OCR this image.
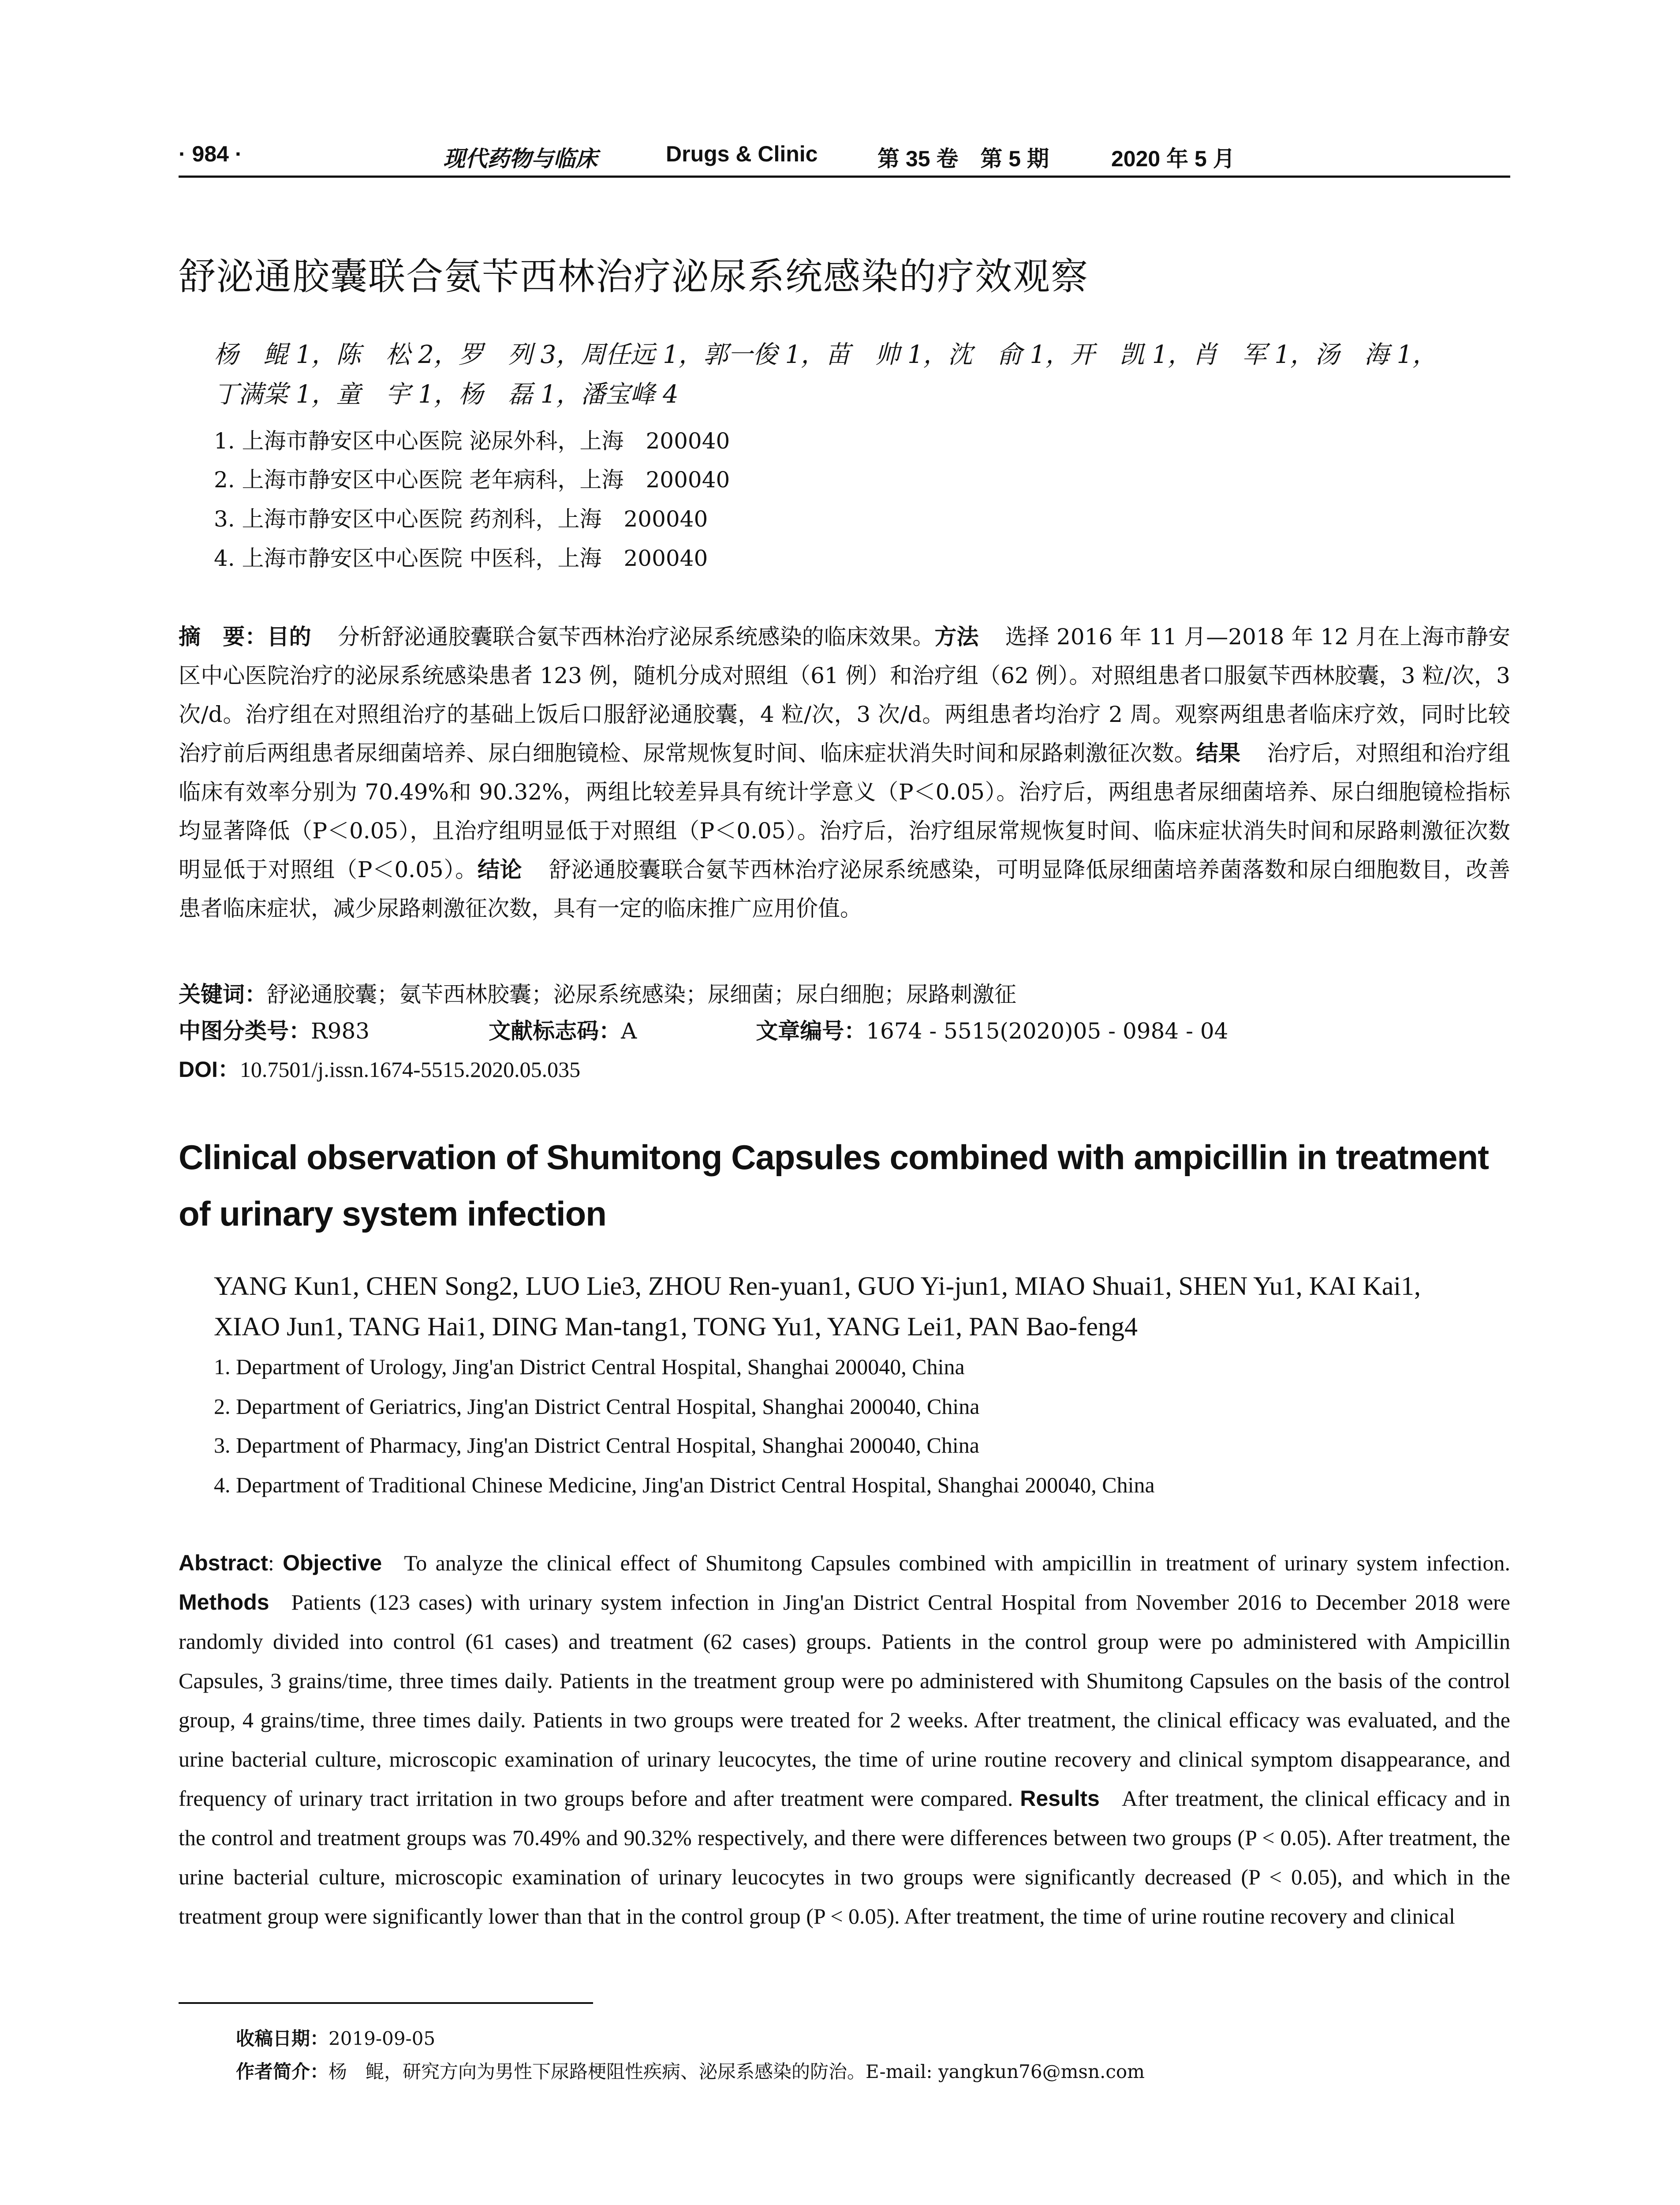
· 984 ·	现代药物与临床	Drugs & Clinic	第 35 卷　第 5 期	2020 年 5 月
舒泌通胶囊联合氨苄西林治疗泌尿系统感染的疗效观察
杨　鲲 1，陈　松 2，罗　列 3，周任远 1，郭一俊 1，苗　帅 1，沈　俞 1，开　凯 1，肖　军 1，汤　海 1，
丁满棠 1，童　宇 1，杨　磊 1，潘宝峰 4
1. 上海市静安区中心医院 泌尿外科，上海　200040
2. 上海市静安区中心医院 老年病科，上海　200040
3. 上海市静安区中心医院 药剂科，上海　200040
4. 上海市静安区中心医院 中医科，上海　200040
摘　要：目的 分析舒泌通胶囊联合氨苄西林治疗泌尿系统感染的临床效果。方法 选择 2016 年 11 月—2018 年 12 月在上海市静安区中心医院治疗的泌尿系统感染患者 123 例，随机分成对照组（61 例）和治疗组（62 例）。对照组患者口服氨苄西林胶囊，3 粒/次，3 次/d。治疗组在对照组治疗的基础上饭后口服舒泌通胶囊，4 粒/次，3 次/d。两组患者均治疗 2 周。观察两组患者临床疗效，同时比较治疗前后两组患者尿细菌培养、尿白细胞镜检、尿常规恢复时间、临床症状消失时间和尿路刺激征次数。结果 治疗后，对照组和治疗组临床有效率分别为 70.49%和 90.32%，两组比较差异具有统计学意义（P＜0.05）。治疗后，两组患者尿细菌培养、尿白细胞镜检指标均显著降低（P＜0.05），且治疗组明显低于对照组（P＜0.05）。治疗后，治疗组尿常规恢复时间、临床症状消失时间和尿路刺激征次数明显低于对照组（P＜0.05）。结论 舒泌通胶囊联合氨苄西林治疗泌尿系统感染，可明显降低尿细菌培养菌落数和尿白细胞数目，改善患者临床症状，减少尿路刺激征次数，具有一定的临床推广应用价值。
关键词：舒泌通胶囊；氨苄西林胶囊；泌尿系统感染；尿细菌；尿白细胞；尿路刺激征
中图分类号：R983	文献标志码：A	文章编号：1674 - 5515(2020)05 - 0984 - 04
DOI：10.7501/j.issn.1674-5515.2020.05.035
Clinical observation of Shumitong Capsules combined with ampicillin in treatment of urinary system infection
YANG Kun1, CHEN Song2, LUO Lie3, ZHOU Ren-yuan1, GUO Yi-jun1, MIAO Shuai1, SHEN Yu1, KAI Kai1,
XIAO Jun1, TANG Hai1, DING Man-tang1, TONG Yu1, YANG Lei1, PAN Bao-feng4
1. Department of Urology, Jing'an District Central Hospital, Shanghai 200040, China
2. Department of Geriatrics, Jing'an District Central Hospital, Shanghai 200040, China
3. Department of Pharmacy, Jing'an District Central Hospital, Shanghai 200040, China
4. Department of Traditional Chinese Medicine, Jing'an District Central Hospital, Shanghai 200040, China
Abstract: Objective To analyze the clinical effect of Shumitong Capsules combined with ampicillin in treatment of urinary system infection. Methods Patients (123 cases) with urinary system infection in Jing'an District Central Hospital from November 2016 to December 2018 were randomly divided into control (61 cases) and treatment (62 cases) groups. Patients in the control group were po administered with Ampicillin Capsules, 3 grains/time, three times daily. Patients in the treatment group were po administered with Shumitong Capsules on the basis of the control group, 4 grains/time, three times daily. Patients in two groups were treated for 2 weeks. After treatment, the clinical efficacy was evaluated, and the urine bacterial culture, microscopic examination of urinary leucocytes, the time of urine routine recovery and clinical symptom disappearance, and frequency of urinary tract irritation in two groups before and after treatment were compared. Results After treatment, the clinical efficacy and in the control and treatment groups was 70.49% and 90.32% respectively, and there were differences between two groups (P < 0.05). After treatment, the urine bacterial culture, microscopic examination of urinary leucocytes in two groups were significantly decreased (P < 0.05), and which in the treatment group were significantly lower than that in the control group (P < 0.05). After treatment, the time of urine routine recovery and clinical
收稿日期：2019-09-05
作者简介：杨　鲲，研究方向为男性下尿路梗阻性疾病、泌尿系感染的防治。E-mail: yangkun76@msn.com
